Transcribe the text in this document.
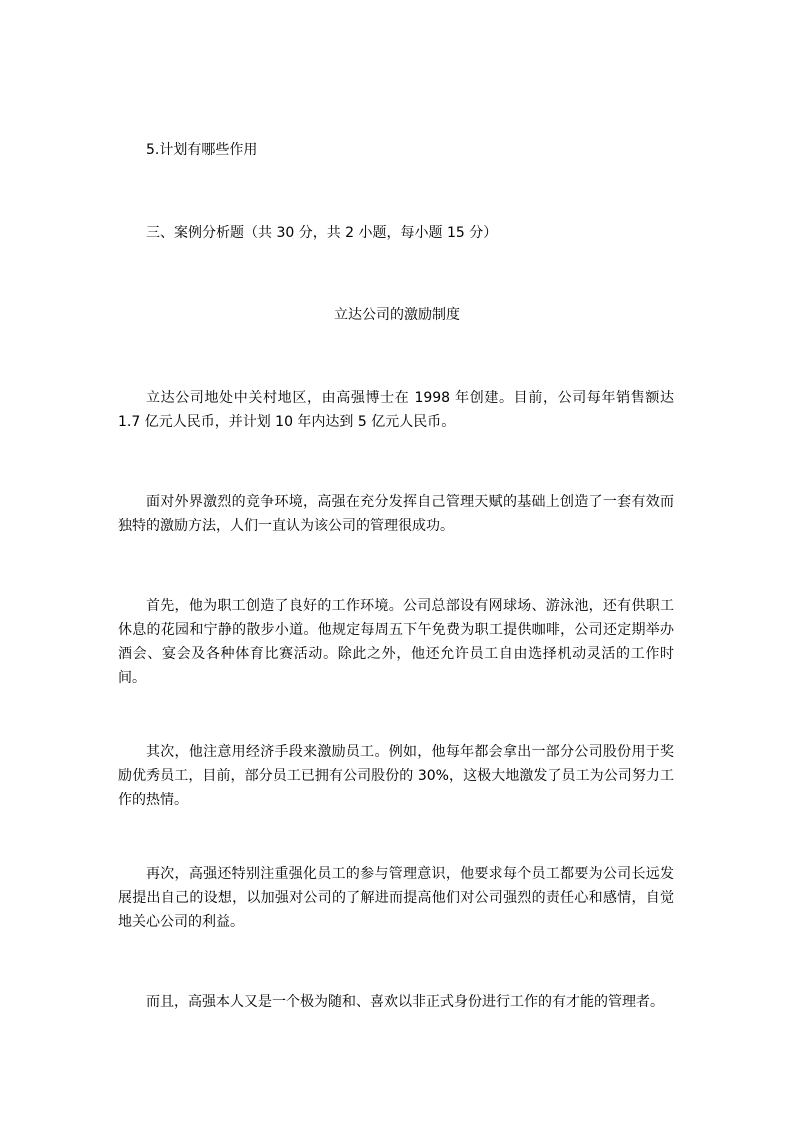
5.计划有哪些作用
三、案例分析题（共 30 分，共 2 小题，每小题 15 分）
立达公司的激励制度
立达公司地处中关村地区，由高强博士在 1998 年创建。目前，公司每年销售额达 1.7 亿元人民币，并计划 10 年内达到 5 亿元人民币。
面对外界激烈的竞争环境，高强在充分发挥自己管理天赋的基础上创造了一套有效而独特的激励方法，人们一直认为该公司的管理很成功。
首先，他为职工创造了良好的工作环境。公司总部设有网球场、游泳池，还有供职工休息的花园和宁静的散步小道。他规定每周五下午免费为职工提供咖啡，公司还定期举办酒会、宴会及各种体育比赛活动。除此之外，他还允许员工自由选择机动灵活的工作时间。
其次，他注意用经济手段来激励员工。例如，他每年都会拿出一部分公司股份用于奖励优秀员工，目前，部分员工已拥有公司股份的 30%，这极大地激发了员工为公司努力工作的热情。
再次，高强还特别注重强化员工的参与管理意识，他要求每个员工都要为公司长远发展提出自己的设想，以加强对公司的了解进而提高他们对公司强烈的责任心和感情，自觉地关心公司的利益。
而且，高强本人又是一个极为随和、喜欢以非正式身份进行工作的有才能的管理者。
